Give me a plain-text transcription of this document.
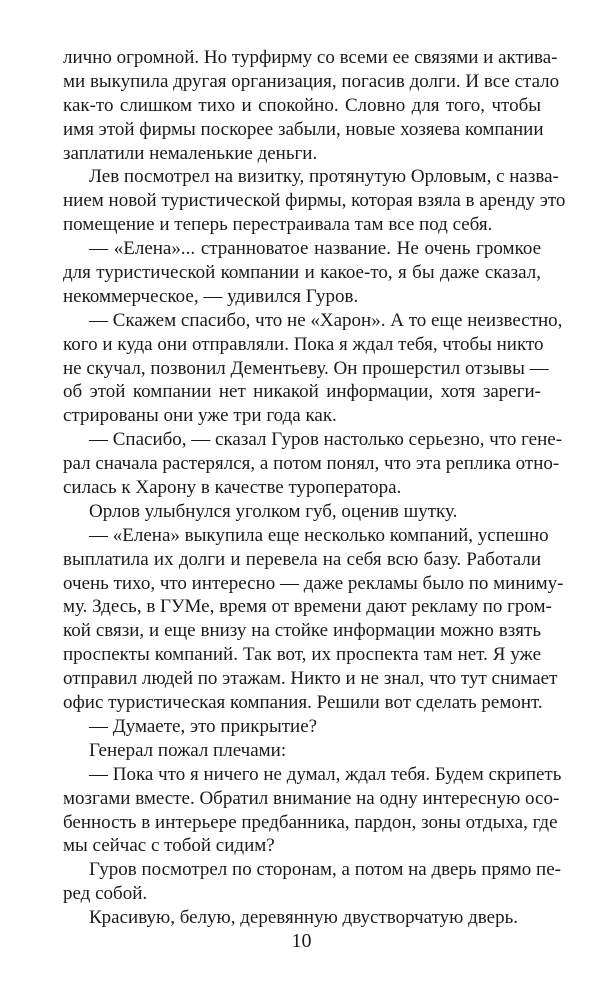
лично огромной. Но турфирму со всеми ее связями и актива-
ми выкупила другая организация, погасив долги. И все стало
как-то слишком тихо и спокойно. Словно для того, чтобы
имя этой фирмы поскорее забыли, новые хозяева компании
заплатили немаленькие деньги.
Лев посмотрел на визитку, протянутую Орловым, с назва-
нием новой туристической фирмы, которая взяла в аренду это
помещение и теперь перестраивала там все под себя.
— «Елена»... странноватое название. Не очень громкое
для туристической компании и какое-то, я бы даже сказал,
некоммерческое, — удивился Гуров.
— Скажем спасибо, что не «Харон». А то еще неизвестно,
кого и куда они отправляли. Пока я ждал тебя, чтобы никто
не скучал, позвонил Дементьеву. Он прошерстил отзывы —
об этой компании нет никакой информации, хотя зареги-
стрированы они уже три года как.
— Спасибо, — сказал Гуров настолько серьезно, что гене-
рал сначала растерялся, а потом понял, что эта реплика отно-
силась к Харону в качестве туроператора.
Орлов улыбнулся уголком губ, оценив шутку.
— «Елена» выкупила еще несколько компаний, успешно
выплатила их долги и перевела на себя всю базу. Работали
очень тихо, что интересно — даже рекламы было по миниму-
му. Здесь, в ГУМе, время от времени дают рекламу по гром-
кой связи, и еще внизу на стойке информации можно взять
проспекты компаний. Так вот, их проспекта там нет. Я уже
отправил людей по этажам. Никто и не знал, что тут снимает
офис туристическая компания. Решили вот сделать ремонт.
— Думаете, это прикрытие?
Генерал пожал плечами:
— Пока что я ничего не думал, ждал тебя. Будем скрипеть
мозгами вместе. Обратил внимание на одну интересную осо-
бенность в интерьере предбанника, пардон, зоны отдыха, где
мы сейчас с тобой сидим?
Гуров посмотрел по сторонам, а потом на дверь прямо пе-
ред собой.
Красивую, белую, деревянную двустворчатую дверь.
10
